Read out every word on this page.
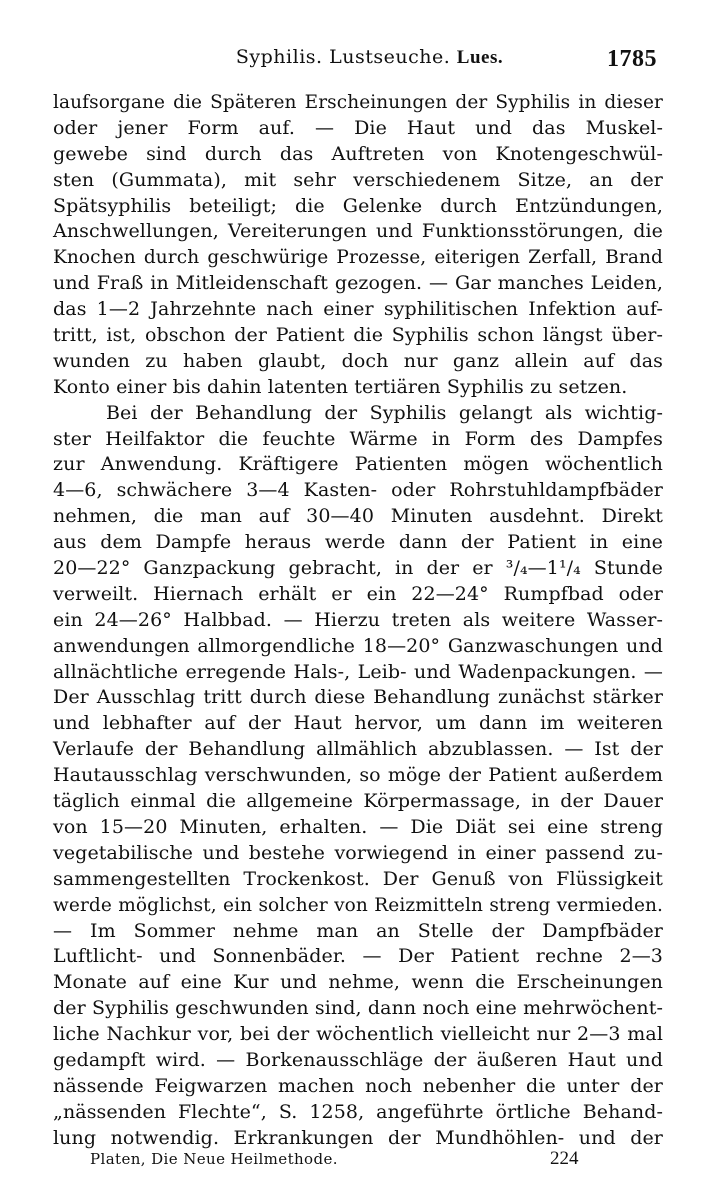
Syphilis. Lustseuche. Lues.	1785
laufsorgane die Späteren Erscheinungen der Syphilis in dieser
oder jener Form auf. — Die Haut und das Muskel-
gewebe sind durch das Auftreten von Knotengeschwül-
sten (Gummata), mit sehr verschiedenem Sitze, an der
Spätsyphilis beteiligt; die Gelenke durch Entzündungen,
Anschwellungen, Vereiterungen und Funktionsstörungen, die
Knochen durch geschwürige Prozesse, eiterigen Zerfall, Brand
und Fraß in Mitleidenschaft gezogen. — Gar manches Leiden,
das 1—2 Jahrzehnte nach einer syphilitischen Infektion auf-
tritt, ist, obschon der Patient die Syphilis schon längst über-
wunden zu haben glaubt, doch nur ganz allein auf das
Konto einer bis dahin latenten tertiären Syphilis zu setzen.
Bei der Behandlung der Syphilis gelangt als wichtig-
ster Heilfaktor die feuchte Wärme in Form des Dampfes
zur Anwendung. Kräftigere Patienten mögen wöchentlich
4—6, schwächere 3—4 Kasten- oder Rohrstuhldampfbäder
nehmen, die man auf 30—40 Minuten ausdehnt. Direkt
aus dem Dampfe heraus werde dann der Patient in eine
20—22° Ganzpackung gebracht, in der er ³/₄—1¹/₄ Stunde
verweilt. Hiernach erhält er ein 22—24° Rumpfbad oder
ein 24—26° Halbbad. — Hierzu treten als weitere Wasser-
anwendungen allmorgendliche 18—20° Ganzwaschungen und
allnächtliche erregende Hals-, Leib- und Wadenpackungen. —
Der Ausschlag tritt durch diese Behandlung zunächst stärker
und lebhafter auf der Haut hervor, um dann im weiteren
Verlaufe der Behandlung allmählich abzublassen. — Ist der
Hautausschlag verschwunden, so möge der Patient außerdem
täglich einmal die allgemeine Körpermassage, in der Dauer
von 15—20 Minuten, erhalten. — Die Diät sei eine streng
vegetabilische und bestehe vorwiegend in einer passend zu-
sammengestellten Trockenkost. Der Genuß von Flüssigkeit
werde möglichst, ein solcher von Reizmitteln streng vermieden.
— Im Sommer nehme man an Stelle der Dampfbäder
Luftlicht- und Sonnenbäder. — Der Patient rechne 2—3
Monate auf eine Kur und nehme, wenn die Erscheinungen
der Syphilis geschwunden sind, dann noch eine mehrwöchent-
liche Nachkur vor, bei der wöchentlich vielleicht nur 2—3 mal
gedampft wird. — Borkenausschläge der äußeren Haut und
nässende Feigwarzen machen noch nebenher die unter der
„nässenden Flechte“, S. 1258, angeführte örtliche Behand-
lung notwendig. Erkrankungen der Mundhöhlen- und der
Platen, Die Neue Heilmethode.	224
